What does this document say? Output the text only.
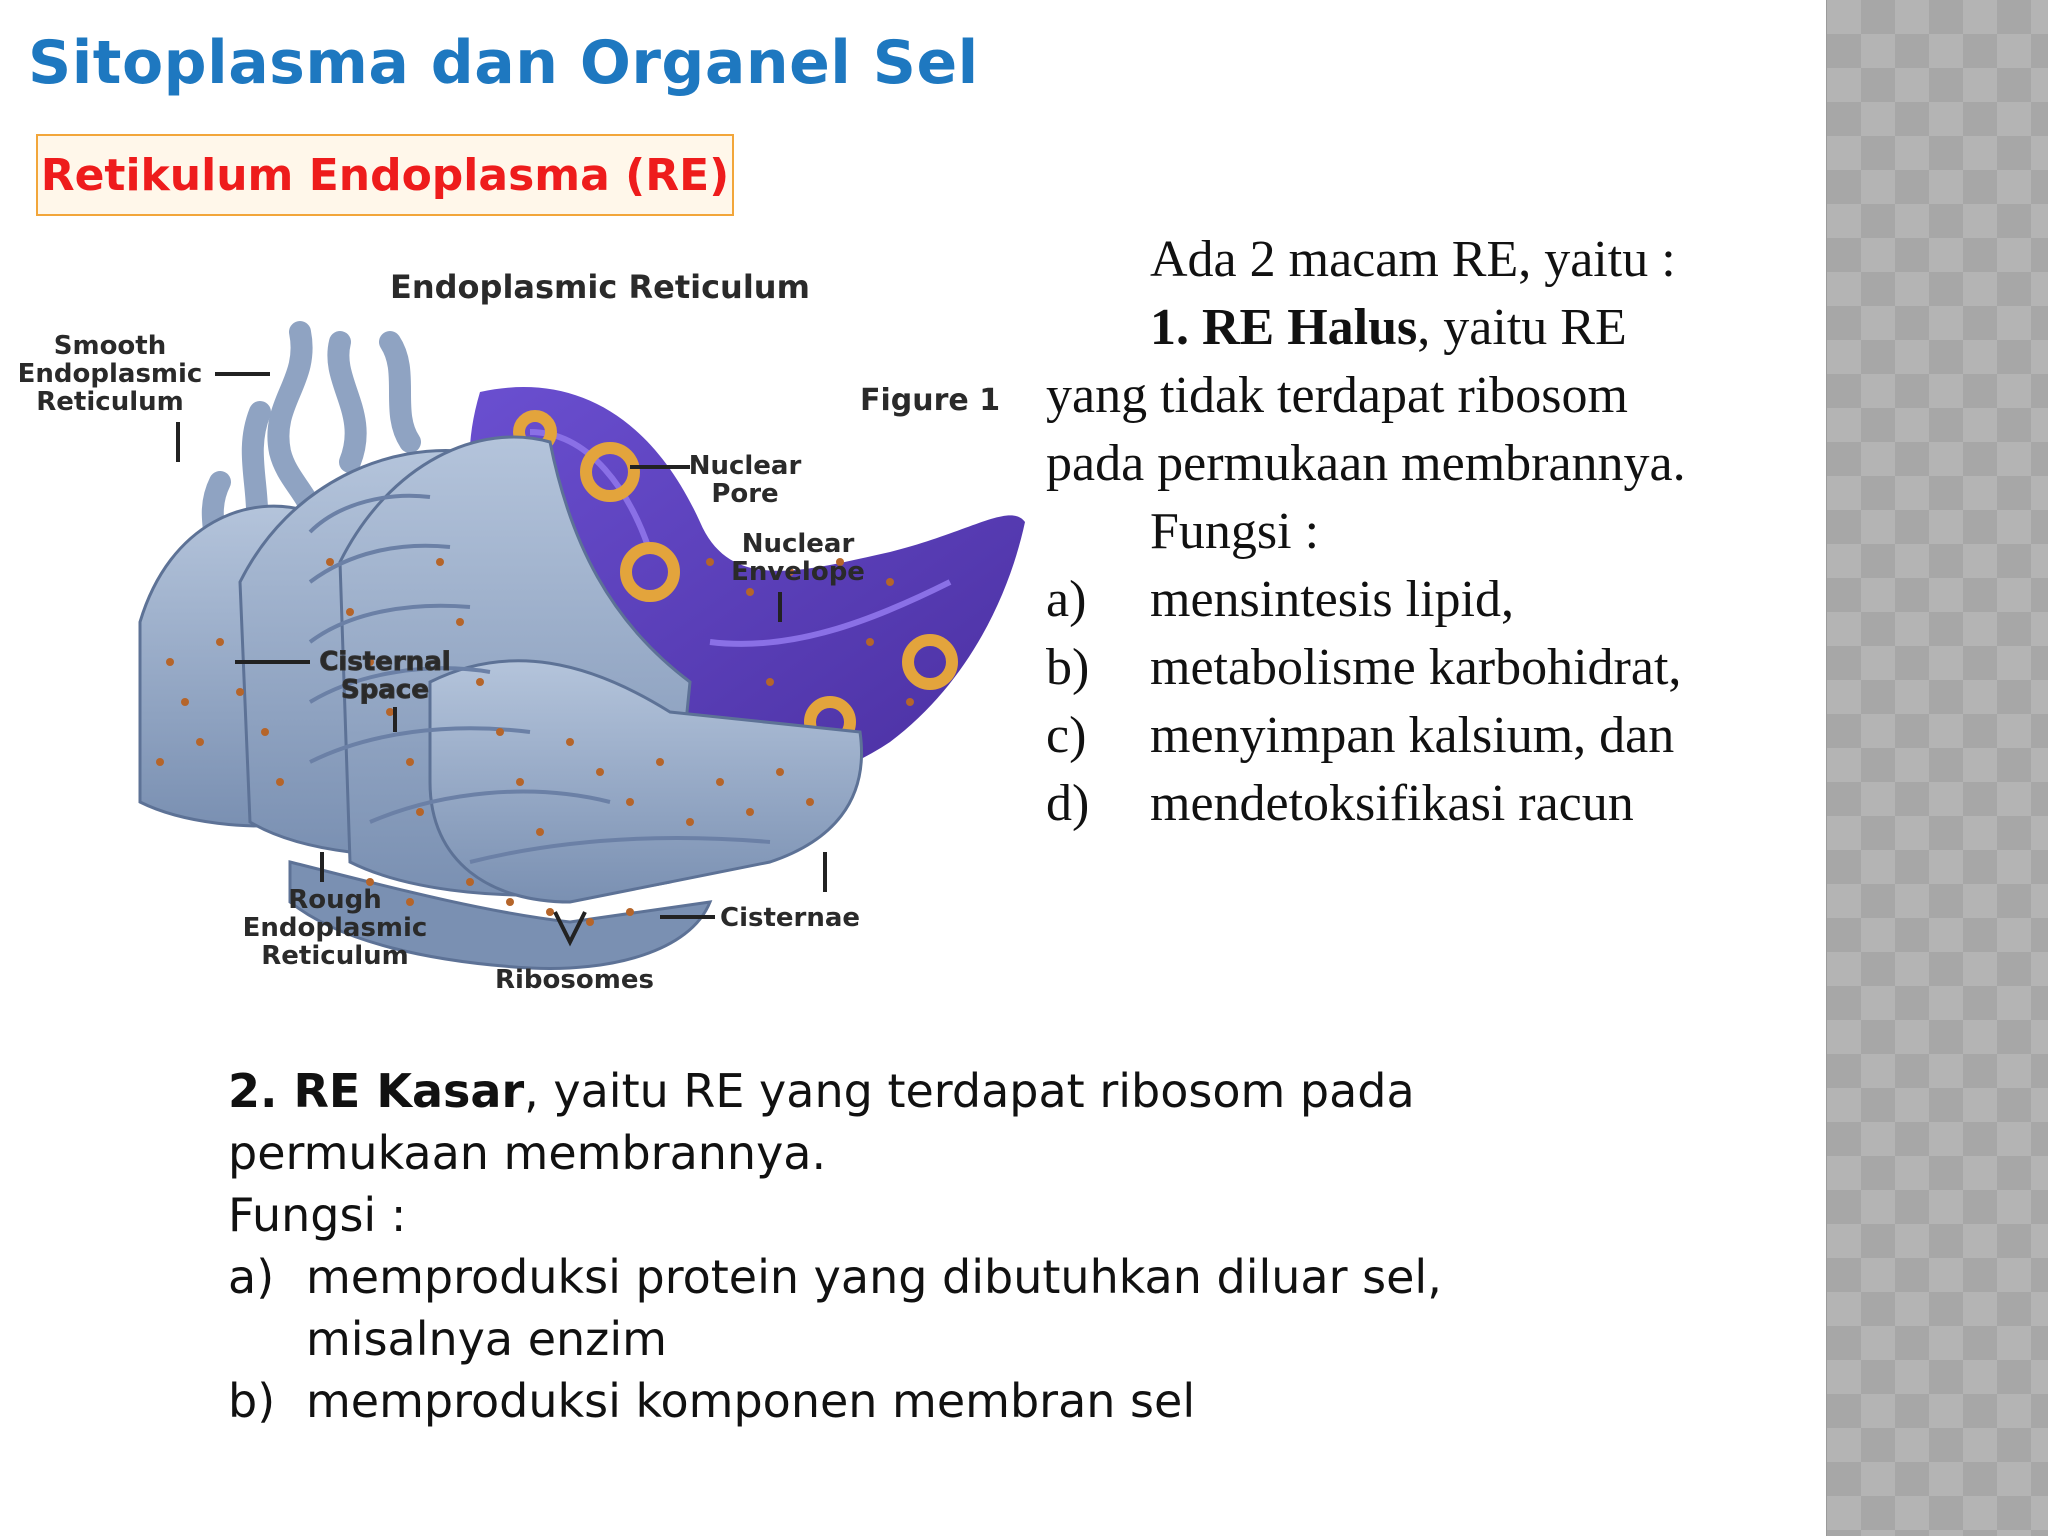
Sitoplasma dan Organel Sel
Retikulum Endoplasma (RE)
Endoplasmic Reticulum
Figure 1
Smooth
Endoplasmic
Reticulum
Nuclear
Pore
Nuclear
Envelope
Cisternal
Space
Rough
Endoplasmic
Reticulum
Cisternae
Ribosomes

Ada 2 macam RE, yaitu :

1. RE Halus, yaitu RE

yang tidak terdapat ribosom

pada permukaan membrannya.

Fungsi :

a)	mensintesis lipid,
b)	metabolisme karbohidrat,
c)	menyimpan kalsium, dan
d)	mendetoksifikasi racun

2. RE Kasar, yaitu RE yang terdapat ribosom pada

permukaan membrannya.

Fungsi :

a) memproduksi protein yang dibutuhkan diluar sel,
misalnya enzim
b) memproduksi komponen membran sel
